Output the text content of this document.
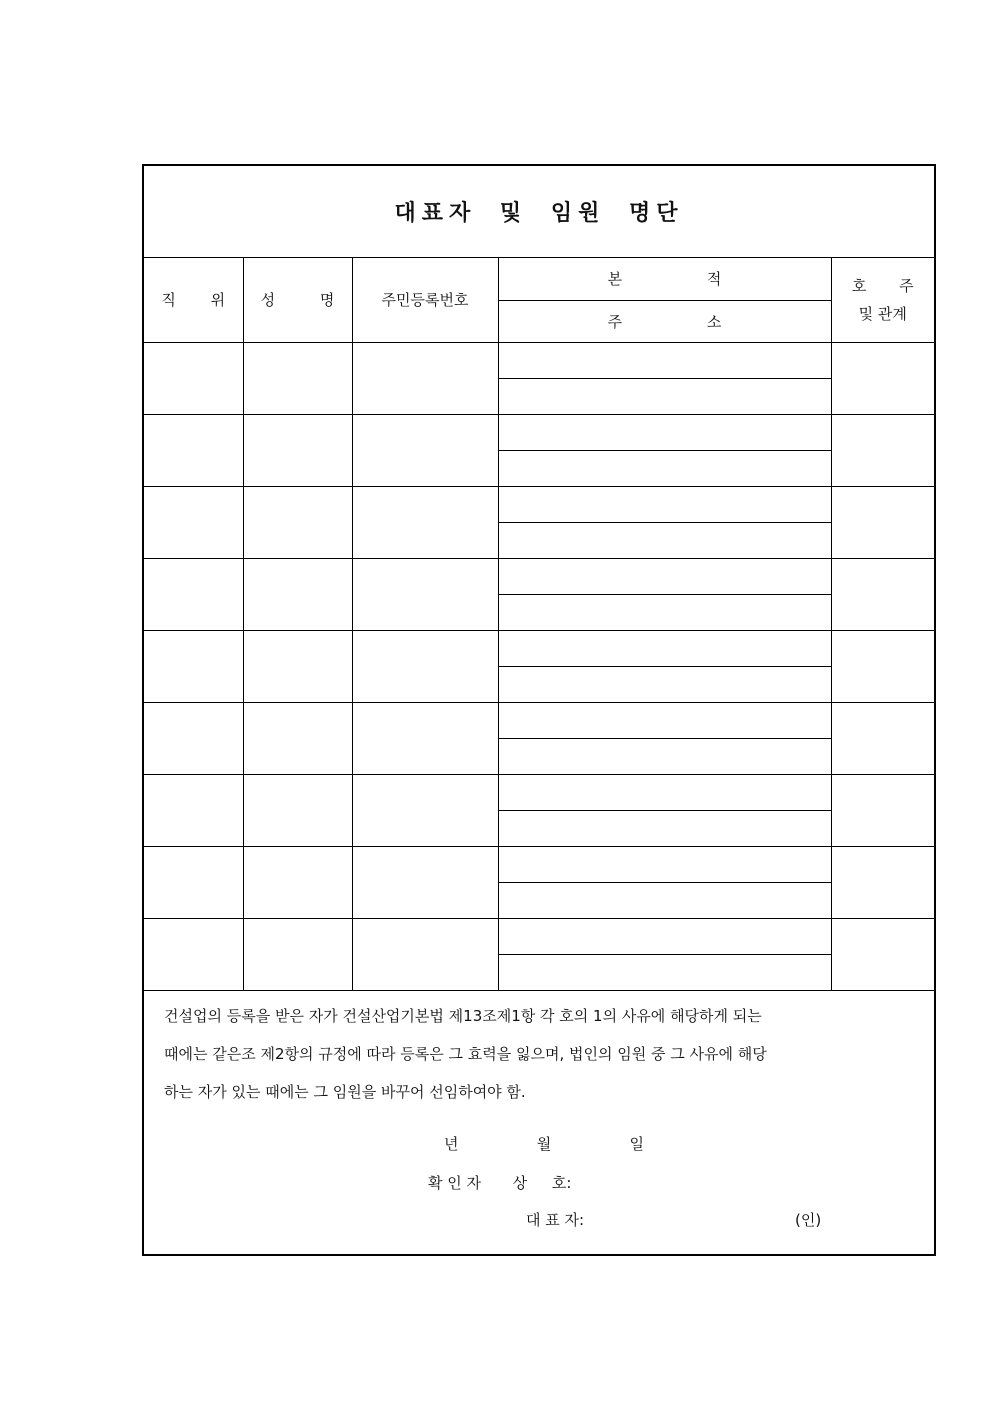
대표자 및 임원 명단
직 위	성 명	주민등록번호	본 적	호 주
및 관계

			주 소	

건설업의 등록을 받은 자가 건설산업기본법 제13조제1항 각 호의 1의 사유에 해당하게 되는

때에는 같은조 제2항의 규정에 따라 등록은 그 효력을 잃으며, 법인의 임원 중 그 사유에 해당

하는 자가 있는 때에는 그 임원을 바꾸어 선임하여야 함.

년	월	일
확 인 자 상 호:
대 표 자:	(인)
